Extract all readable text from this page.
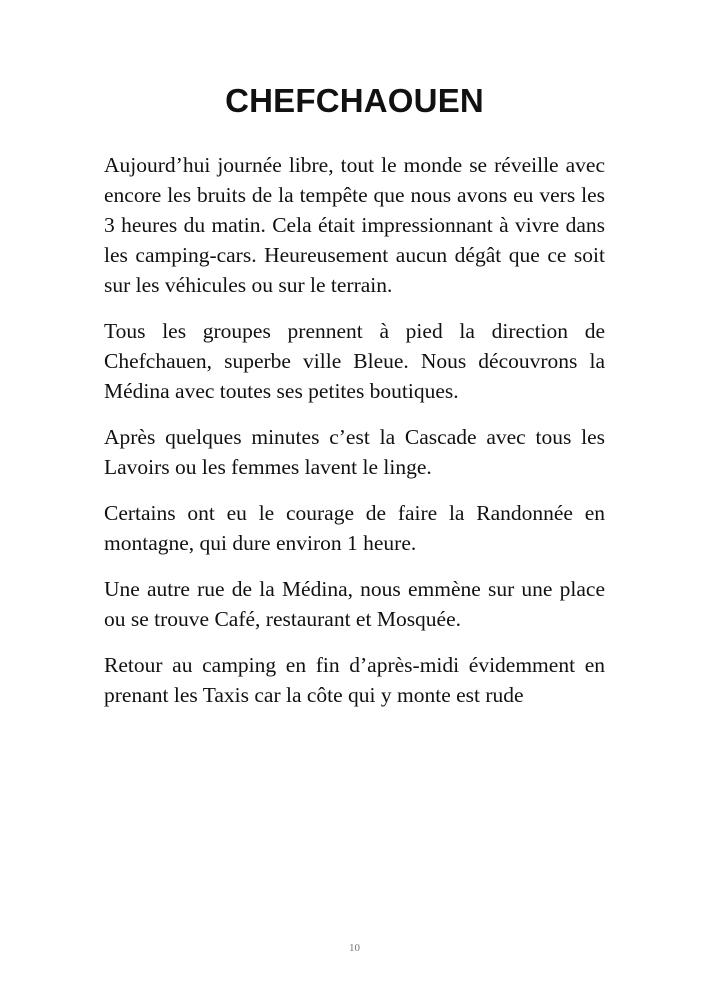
CHEFCHAOUEN

Aujourd’hui journée libre, tout le monde se réveille avec encore les bruits de la tempête que nous avons eu vers les 3 heures du matin. Cela était impressionnant à vivre dans les camping-cars. Heureusement aucun dégât que ce soit sur les véhicules ou sur le terrain.

Tous les groupes prennent à pied la direction de Chefchauen, superbe ville Bleue. Nous découvrons la Médina avec toutes ses petites boutiques.

Après quelques minutes c’est la Cascade avec tous les Lavoirs ou les femmes lavent le linge.

Certains ont eu le courage de faire la Randonnée en montagne, qui dure environ 1 heure.

Une autre rue de la Médina, nous emmène sur une place ou se trouve Café, restaurant et Mosquée.

Retour au camping en fin d’après-midi évidemment en prenant les Taxis car la côte qui y monte est rude

10
